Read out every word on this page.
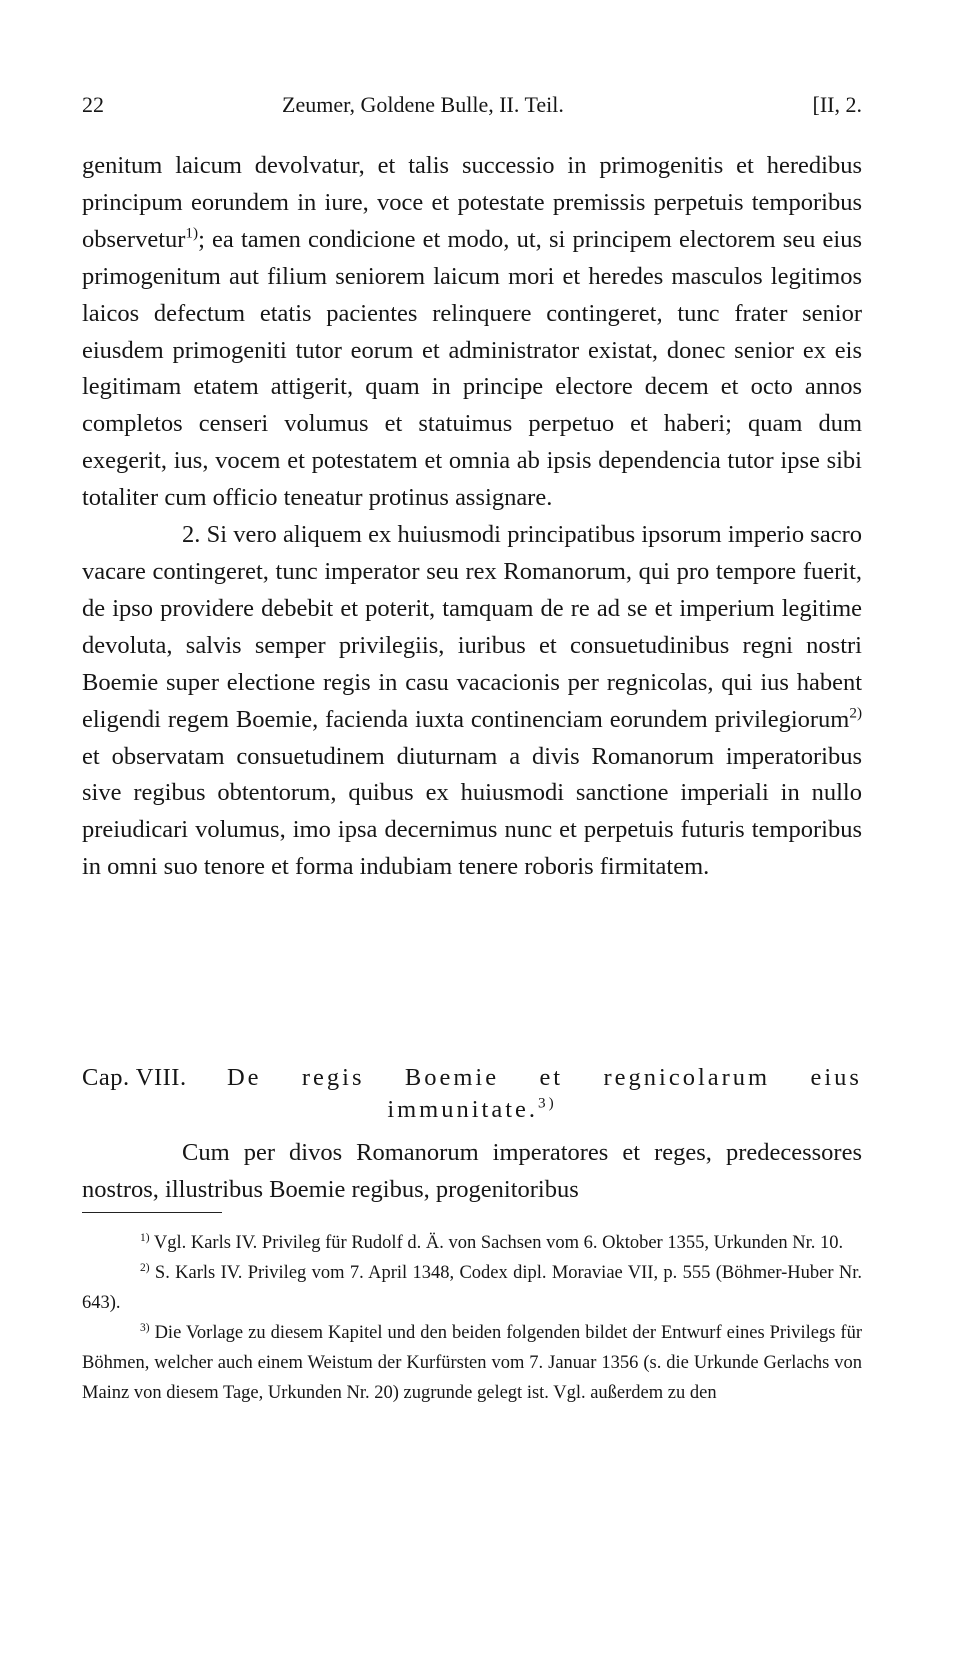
22	Zeumer, Goldene Bulle, II. Teil.	[II, 2.

genitum laicum devolvatur, et talis successio in primogenitis et heredibus principum eorundem in iure, voce et potestate premissis perpetuis temporibus observetur$^{1)}$; ea tamen condicione et modo, ut, si principem electorem seu eius primogenitum aut filium seniorem laicum mori et heredes masculos legitimos laicos defectum etatis pacientes relinquere contingeret, tunc frater senior eiusdem primogeniti tutor eorum et administrator existat, donec senior ex eis legitimam etatem attigerit, quam in principe electore decem et octo annos completos censeri volumus et statuimus perpetuo et haberi; quam dum exegerit, ius, vocem et potestatem et omnia ab ipsis dependencia tutor ipse sibi totaliter cum officio teneatur protinus assignare.

2. Si vero aliquem ex huiusmodi principatibus ipsorum imperio sacro vacare contingeret, tunc imperator seu rex Romanorum, qui pro tempore fuerit, de ipso providere debebit et poterit, tamquam de re ad se et imperium legitime devoluta, salvis semper privilegiis, iuribus et consuetudinibus regni nostri Boemie super electione regis in casu vacacionis per regnicolas, qui ius habent eligendi regem Boemie, facienda iuxta continenciam eorundem privilegiorum$^{2)}$ et observatam consuetudinem diuturnam a divis Romanorum imperatoribus sive regibus obtentorum, quibus ex huiusmodi sanctione imperiali in nullo preiudicari volumus, imo ipsa decernimus nunc et perpetuis futuris temporibus in omni suo tenore et forma indubiam tenere roboris firmitatem.

Cap. VIII. De regis Boemie et regnicolarum eius
immunitate.$^{3)}$

Cum per divos Romanorum imperatores et reges, predecessores nostros, illustribus Boemie regibus, progenitoribus

$^{1)}$ Vgl. Karls IV. Privileg für Rudolf d. Ä. von Sachsen vom 6. Oktober 1355, Urkunden Nr. 10.

$^{2)}$ S. Karls IV. Privileg vom 7. April 1348, Codex dipl. Moraviae VII, p. 555 (Böhmer-Huber Nr. 643).

$^{3)}$ Die Vorlage zu diesem Kapitel und den beiden folgenden bildet der Entwurf eines Privilegs für Böhmen, welcher auch einem Weistum der Kurfürsten vom 7. Januar 1356 (s. die Urkunde Gerlachs von Mainz von diesem Tage, Urkunden Nr. 20) zugrunde gelegt ist. Vgl. außerdem zu den
